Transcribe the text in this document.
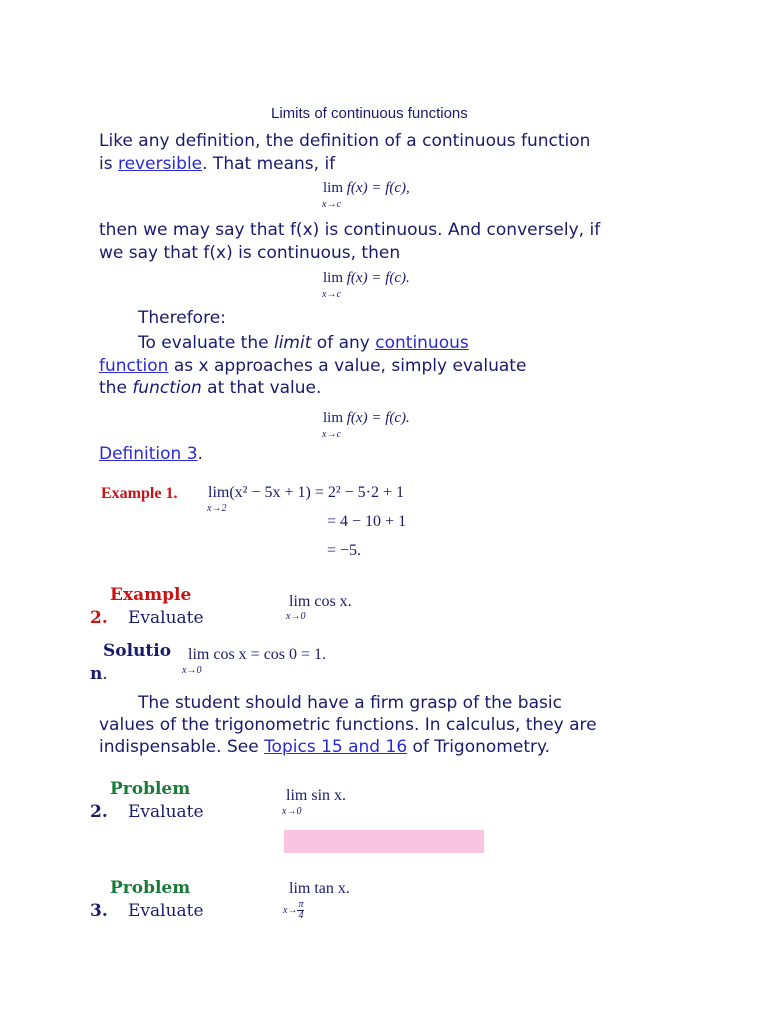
Limits of continuous functions
Like any definition, the definition of a continuous function
is reversible. That means, if
lim f(x) = f(c),
x→c
then we may say that f(x) is continuous. And conversely, if
we say that f(x) is continuous, then
lim f(x) = f(c).
x→c
Therefore:
To evaluate the limit of any continuous
function as x approaches a value, simply evaluate
the function at that value.
lim f(x) = f(c).
x→c
Definition 3.
Example 1. lim(x² − 5x + 1) = 2² − 5·2 + 1
x→2
= 4 − 10 + 1
= −5.
Example
2. Evaluate
lim cos x.
x→0
Solutio
n.
lim cos x = cos 0 = 1.
x→0
The student should have a firm grasp of the basic
values of the trigonometric functions. In calculus, they are
indispensable. See Topics 15 and 16 of Trigonometry.
Problem
2. Evaluate
lim sin x.
x→0
Problem
3. Evaluate
lim tan x.
$x\to \frac{\pi}{4}$
